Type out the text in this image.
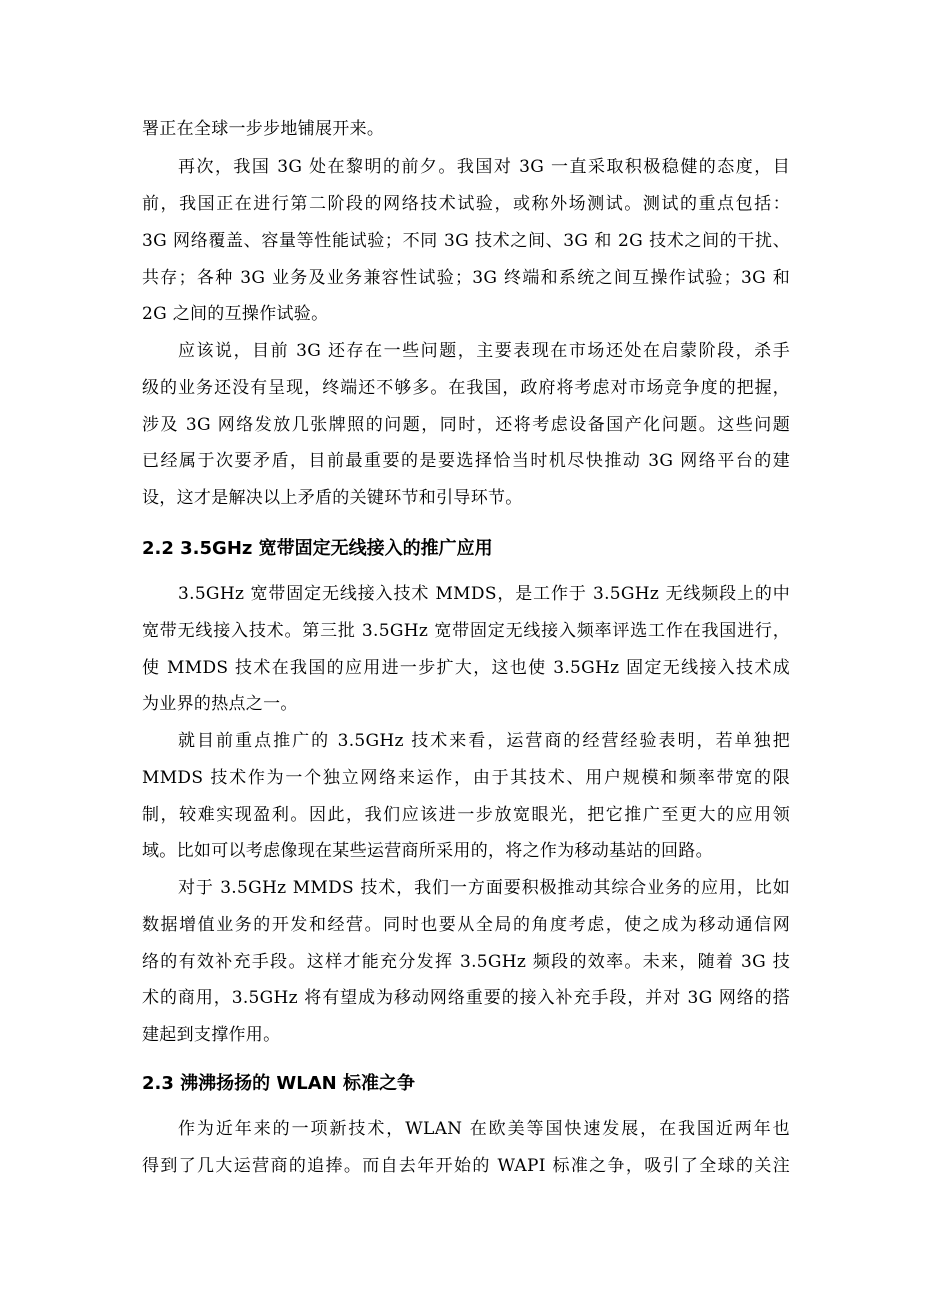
署正在全球一步步地铺展开来。
再次，我国 3G 处在黎明的前夕。我国对 3G 一直采取积极稳健的态度，目
前，我国正在进行第二阶段的网络技术试验，或称外场测试。测试的重点包括：
3G 网络覆盖、容量等性能试验；不同 3G 技术之间、3G 和 2G 技术之间的干扰、
共存；各种 3G 业务及业务兼容性试验；3G 终端和系统之间互操作试验；3G 和
2G 之间的互操作试验。
应该说，目前 3G 还存在一些问题，主要表现在市场还处在启蒙阶段，杀手
级的业务还没有呈现，终端还不够多。在我国，政府将考虑对市场竞争度的把握，
涉及 3G 网络发放几张牌照的问题，同时，还将考虑设备国产化问题。这些问题
已经属于次要矛盾，目前最重要的是要选择恰当时机尽快推动 3G 网络平台的建
设，这才是解决以上矛盾的关键环节和引导环节。
2.2 3.5GHz 宽带固定无线接入的推广应用
3.5GHz 宽带固定无线接入技术 MMDS，是工作于 3.5GHz 无线频段上的中
宽带无线接入技术。第三批 3.5GHz 宽带固定无线接入频率评选工作在我国进行，
使 MMDS 技术在我国的应用进一步扩大，这也使 3.5GHz 固定无线接入技术成
为业界的热点之一。
就目前重点推广的 3.5GHz 技术来看，运营商的经营经验表明，若单独把
MMDS 技术作为一个独立网络来运作，由于其技术、用户规模和频率带宽的限
制，较难实现盈利。因此，我们应该进一步放宽眼光，把它推广至更大的应用领
域。比如可以考虑像现在某些运营商所采用的，将之作为移动基站的回路。
对于 3.5GHz MMDS 技术，我们一方面要积极推动其综合业务的应用，比如
数据增值业务的开发和经营。同时也要从全局的角度考虑，使之成为移动通信网
络的有效补充手段。这样才能充分发挥 3.5GHz 频段的效率。未来，随着 3G 技
术的商用，3.5GHz 将有望成为移动网络重要的接入补充手段，并对 3G 网络的搭
建起到支撑作用。
2.3 沸沸扬扬的 WLAN 标准之争
作为近年来的一项新技术，WLAN 在欧美等国快速发展，在我国近两年也
得到了几大运营商的追捧。而自去年开始的 WAPI 标准之争，吸引了全球的关注
